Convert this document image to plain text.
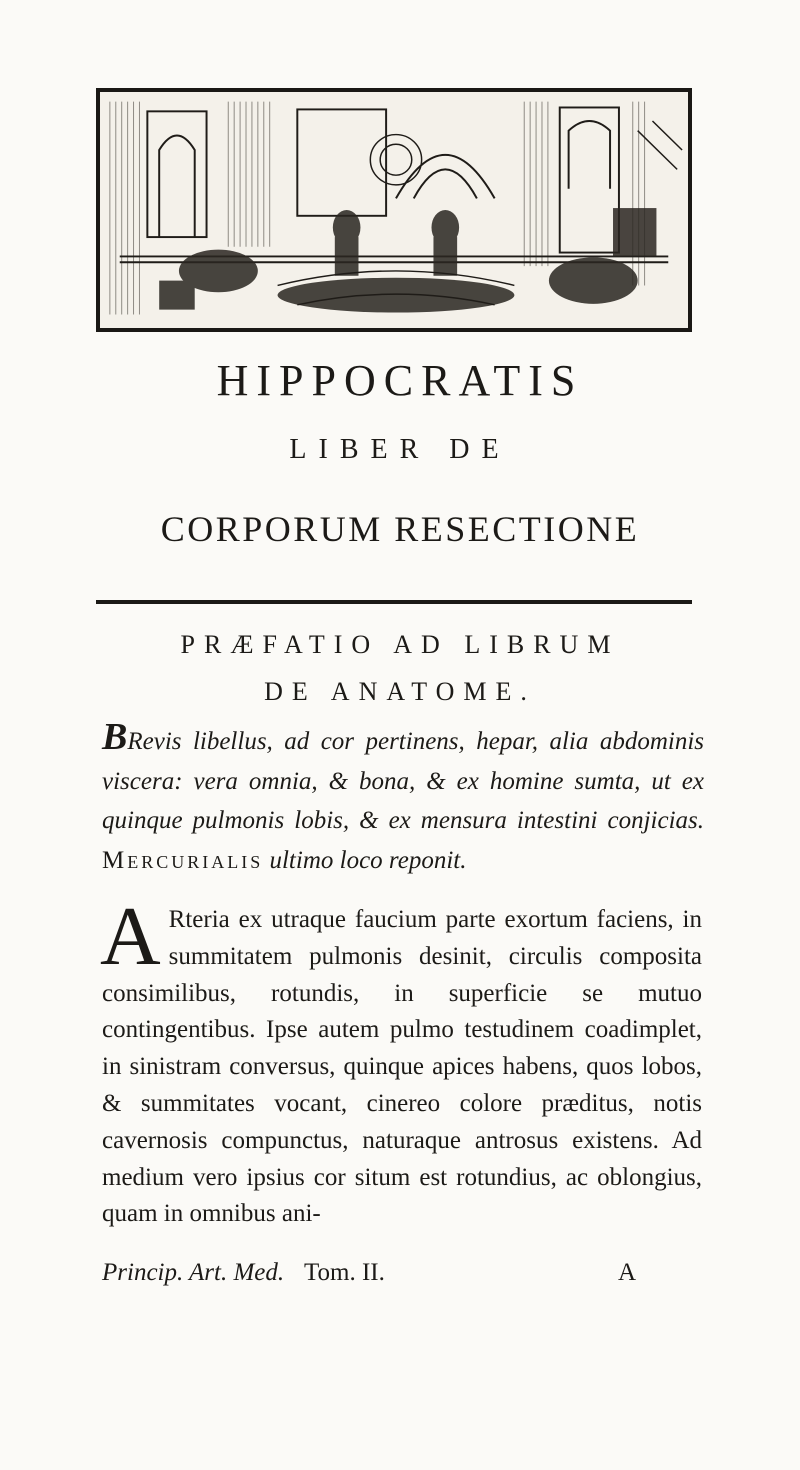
HIPPOCRATIS
LIBER DE
CORPORUM RESECTIONE
PRÆFATIO AD LIBRUM
DE ANATOME.

BRevis libellus, ad cor pertinens, hepar, alia abdominis viscera: vera omnia, & bona, & ex homine sumta, ut ex quinque pulmonis lobis, & ex mensura intestini conjicias. Mercurialis ultimo loco reponit.

A Rteria ex utraque faucium parte exortum faciens, in summitatem pulmonis desinit, circulis composita consimilibus, rotundis, in superficie se mutuo contingentibus. Ipse autem pulmo testudinem coadimplet, in sinistram conversus, quinque apices habens, quos lobos, & summitates vocant, cinereo colore præditus, notis cavernosis compunctus, naturaque antrosus existens. Ad medium vero ipsius cor situm est rotundius, ac oblongius, quam in omnibus ani-

Princip. Art. Med. Tom. II.	A
